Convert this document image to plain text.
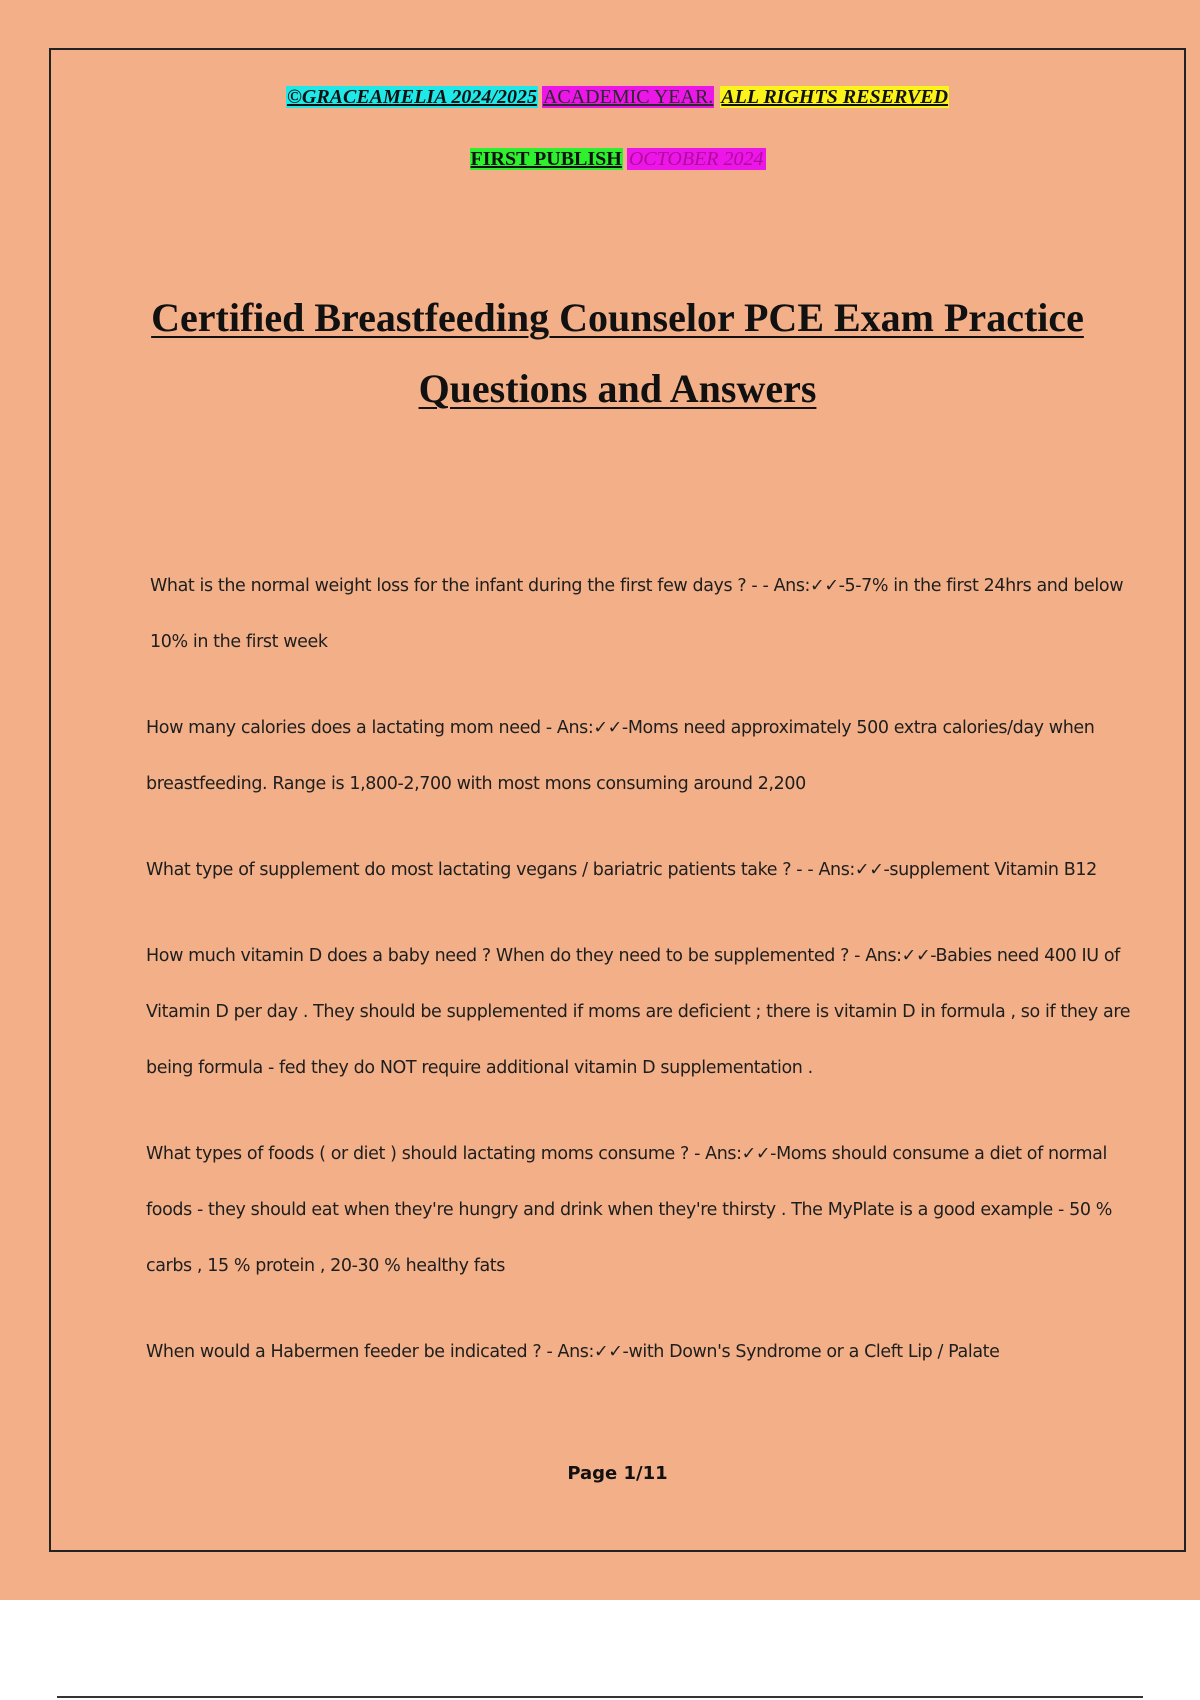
©GRACEAMELIA 2024/2025 ACADEMIC YEAR. ALL RIGHTS RESERVED
FIRST PUBLISH OCTOBER 2024
Certified Breastfeeding Counselor PCE Exam Practice Questions and Answers

What is the normal weight loss for the infant during the first few days ? - - Ans:✓✓-5-7% in the first 24hrs and below 10% in the first week

How many calories does a lactating mom need - Ans:✓✓-Moms need approximately 500 extra calories/day when breastfeeding. Range is 1,800-2,700 with most mons consuming around 2,200

What type of supplement do most lactating vegans / bariatric patients take ? - - Ans:✓✓-supplement Vitamin B12

How much vitamin D does a baby need ? When do they need to be supplemented ? - Ans:✓✓-Babies need 400 IU of Vitamin D per day . They should be supplemented if moms are deficient ; there is vitamin D in formula , so if they are being formula - fed they do NOT require additional vitamin D supplementation .

What types of foods ( or diet ) should lactating moms consume ? - Ans:✓✓-Moms should consume a diet of normal foods - they should eat when they're hungry and drink when they're thirsty . The MyPlate is a good example - 50 % carbs , 15 % protein , 20-30 % healthy fats

When would a Habermen feeder be indicated ? - Ans:✓✓-with Down's Syndrome or a Cleft Lip / Palate

Page 1/11
